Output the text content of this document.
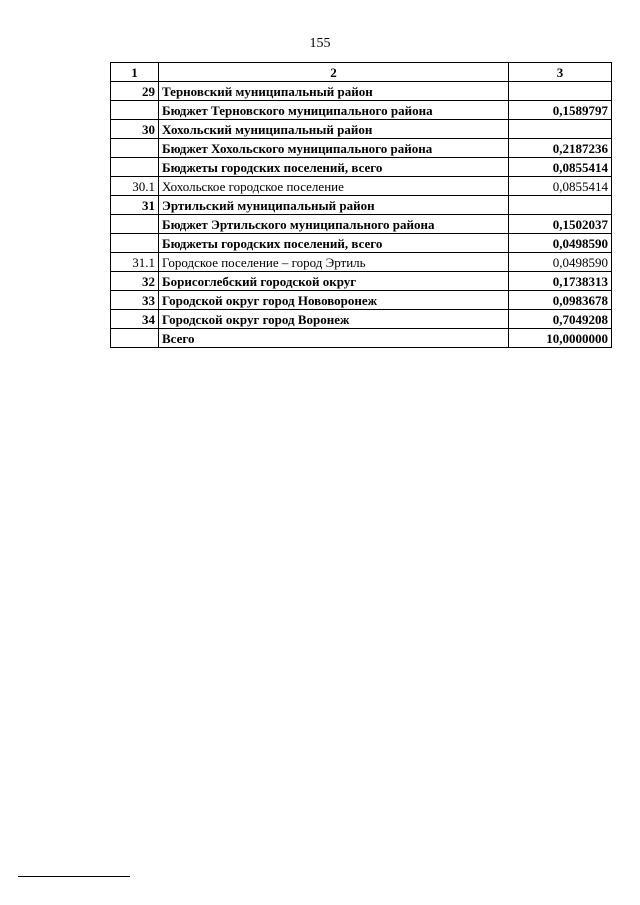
155
1	2	3
29	Терновский муниципальный район	
	Бюджет Терновского муниципального района	0,1589797
30	Хохольский муниципальный район	
	Бюджет Хохольского муниципального района	0,2187236
	Бюджеты городских поселений, всего	0,0855414
30.1	Хохольское городское поселение	0,0855414
31	Эртильский муниципальный район	
	Бюджет Эртильского муниципального района	0,1502037
	Бюджеты городских поселений, всего	0,0498590
31.1	Городское поселение – город Эртиль	0,0498590
32	Борисоглебский городской округ	0,1738313
33	Городской округ город Нововоронеж	0,0983678
34	Городской округ город Воронеж	0,7049208
	Всего	10,0000000
